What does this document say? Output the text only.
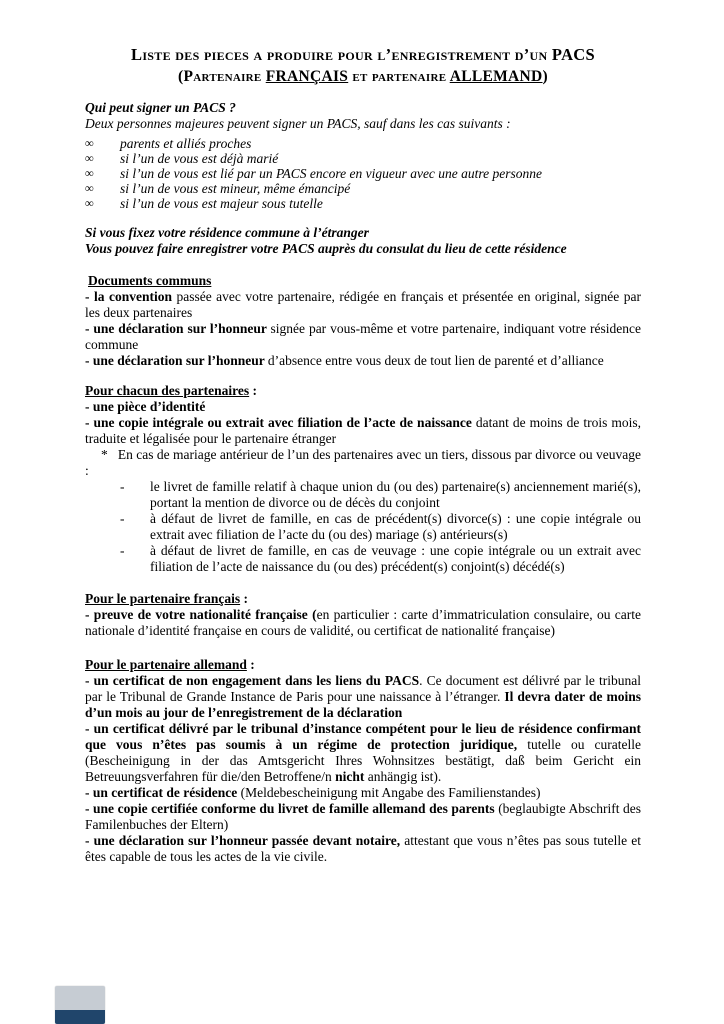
Liste des pieces a produire pour l’enregistrement d’un PACS
(Partenaire FRANÇAIS et partenaire ALLEMAND)
Qui peut signer un PACS ?
Deux personnes majeures peuvent signer un PACS, sauf dans les cas suivants :
∞	parents et alliés proches
∞	si l’un de vous est déjà marié
∞	si l’un de vous est lié par un PACS encore en vigueur avec une autre personne
∞	si l’un de vous est mineur, même émancipé
∞	si l’un de vous est majeur sous tutelle
Si vous fixez votre résidence commune à l’étranger
Vous pouvez faire enregistrer votre PACS auprès du consulat du lieu de cette résidence
Documents communs
- la convention passée avec votre partenaire, rédigée en français et présentée en original, signée par les deux partenaires
- une déclaration sur l’honneur signée par vous-même et votre partenaire, indiquant votre résidence commune
- une déclaration sur l’honneur d’absence entre vous deux de tout lien de parenté et d’alliance
Pour chacun des partenaires :
- une pièce d’identité
- une copie intégrale ou extrait avec filiation de l’acte de naissance datant de moins de trois mois, traduite et légalisée pour le partenaire étranger
*   En cas de mariage antérieur de l’un des partenaires avec un tiers, dissous par divorce ou veuvage :
-	le livret de famille relatif à chaque union du (ou des) partenaire(s) anciennement marié(s), portant la mention de divorce ou de décès du conjoint
-	à défaut de livret de famille, en cas de précédent(s) divorce(s) : une copie intégrale ou extrait avec filiation de l’acte du (ou des) mariage (s) antérieurs(s)
-	à défaut de livret de famille, en cas de veuvage : une copie intégrale ou un extrait avec filiation de l’acte de naissance du (ou des) précédent(s) conjoint(s) décédé(s)
Pour le partenaire français :
- preuve de votre nationalité française (en particulier : carte d’immatriculation consulaire, ou carte nationale d’identité française en cours de validité, ou certificat de nationalité française)
Pour le partenaire allemand :
- un certificat de non engagement dans les liens du PACS. Ce document est délivré par le tribunal par le Tribunal de Grande Instance de Paris pour une naissance à l’étranger. Il devra dater de moins d’un mois au jour de l’enregistrement de la déclaration
- un certificat délivré par le tribunal d’instance compétent pour le lieu de résidence confirmant que vous n’êtes pas soumis à un régime de protection juridique, tutelle ou curatelle (Bescheinigung in der das Amtsgericht Ihres Wohnsitzes bestätigt, daß beim Gericht ein Betreuungsverfahren für die/den Betroffene/n nicht anhängig ist).
- un certificat de résidence (Meldebescheinigung mit Angabe des Familienstandes)
- une copie certifiée conforme du livret de famille allemand des parents (beglaubigte Abschrift des Familenbuches der Eltern)
- une déclaration sur l’honneur passée devant notaire, attestant que vous n’êtes pas sous tutelle et êtes capable de tous les actes de la vie civile.
